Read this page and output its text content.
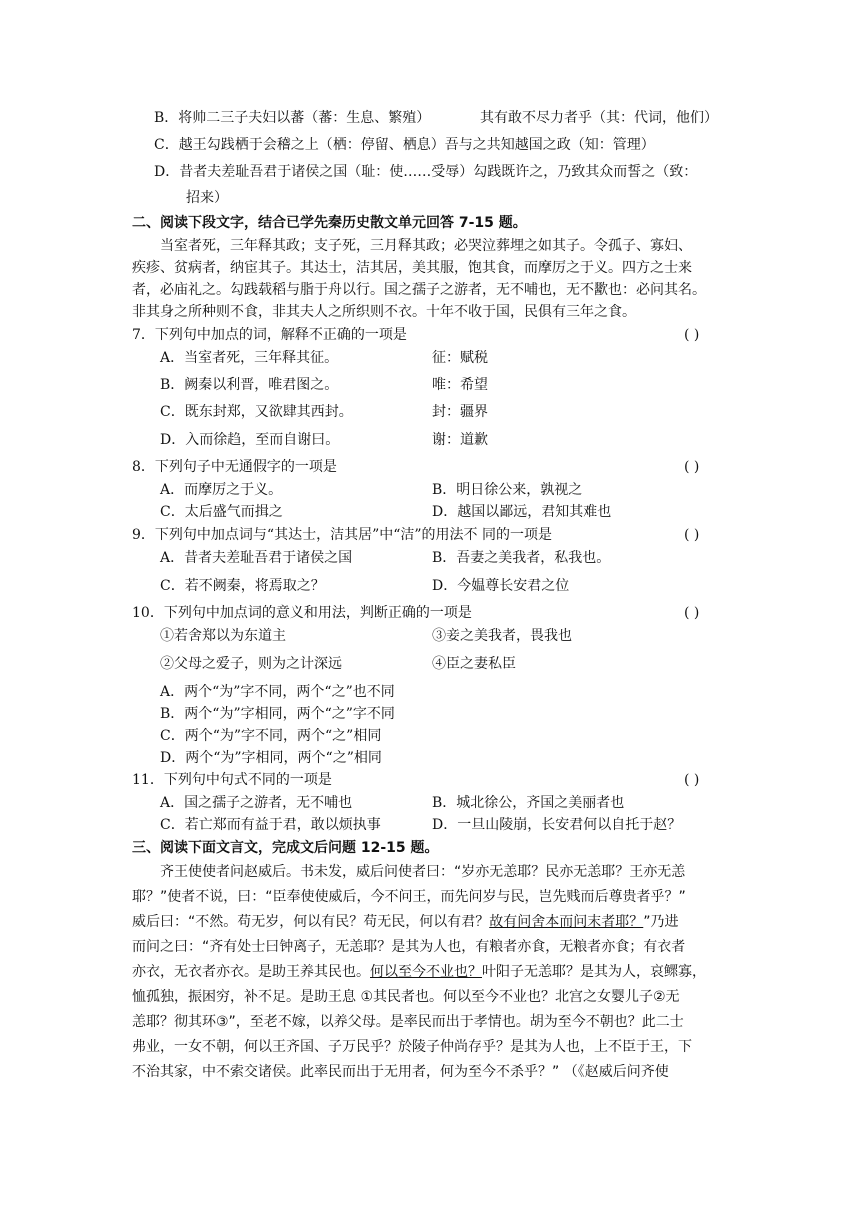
B．将帅二三子夫妇以蕃（蕃：生息、繁殖）	其有敢不尽力者乎（其：代词，他们）
C．越王勾践栖于会稽之上（栖：停留、栖息）吾与之共知越国之政（知：管理）
D．昔者夫差耻吾君于诸侯之国（耻：使……受辱）勾践既许之，乃致其众而誓之（致：
招来）
二、阅读下段文字，结合已学先秦历史散文单元回答 7-15 题。
当室者死，三年释其政；支子死，三月释其政；必哭泣葬埋之如其子。令孤子、寡妇、
疾疹、贫病者，纳宦其子。其达士，洁其居，美其服，饱其食，而摩厉之于义。四方之士来
者，必庙礼之。勾践载稻与脂于舟以行。国之孺子之游者，无不哺也，无不歠也：必问其名。
非其身之所种则不食，非其夫人之所织则不衣。十年不收于国，民俱有三年之食。
7．下列句中加点的词，解释不正确的一项是	( )
A．当室者死，三年释其征。	征：赋税
B．阙秦以利晋，唯君图之。	唯：希望
C．既东封郑，又欲肆其西封。	封：疆界
D．入而徐趋，至而自谢曰。	谢：道歉
8．下列句子中无通假字的一项是	( )
A．而摩厉之于义。	B．明日徐公来，孰视之
C．太后盛气而揖之	D．越国以鄙远，君知其难也
9．下列句中加点词与“其达士，洁其居”中“洁”的用法不 同的一项是	( )
A．昔者夫差耻吾君于诸侯之国	B．吾妻之美我者，私我也。
C．若不阙秦，将焉取之？	D．今媪尊长安君之位
10．下列句中加点词的意义和用法，判断正确的一项是	( )
①若舍郑以为东道主	③妾之美我者，畏我也
②父母之爱子，则为之计深远	④臣之妻私臣
A．两个“为”字不同，两个“之”也不同
B．两个“为”字相同，两个“之”字不同
C．两个“为”字不同，两个“之”相同
D．两个“为”字相同，两个“之”相同
11．下列句中句式不同的一项是	( )
A．国之孺子之游者，无不哺也	B．城北徐公，齐国之美丽者也
C．若亡郑而有益于君，敢以烦执事	D．一旦山陵崩，长安君何以自托于赵？
三、阅读下面文言文，完成文后问题 12-15 题。
齐王使使者问赵威后。书未发，威后问使者曰：“岁亦无恙耶？民亦无恙耶？王亦无恙
耶？”使者不说，曰：“臣奉使使威后，今不问王，而先问岁与民，岂先贱而后尊贵者乎？”
威后曰：“不然。苟无岁，何以有民？苟无民，何以有君？故有问舍本而问末者耶？”乃进
而问之曰：“齐有处士曰钟离子，无恙耶？是其为人也，有粮者亦食，无粮者亦食；有衣者
亦衣，无衣者亦衣。是助王养其民也。何以至今不业也？叶阳子无恙耶？是其为人，哀鳏寡，
恤孤独，振困穷，补不足。是助王息 ①其民者也。何以至今不业也？北宫之女婴儿子②无
恙耶？彻其环③”，至老不嫁，以养父母。是率民而出于孝情也。胡为至今不朝也？此二士
弗业，一女不朝，何以王齐国、子万民乎？於陵子仲尚存乎？是其为人也，上不臣于王，下
不治其家，中不索交诸侯。此率民而出于无用者，何为至今不杀乎？” （《赵威后问齐使
